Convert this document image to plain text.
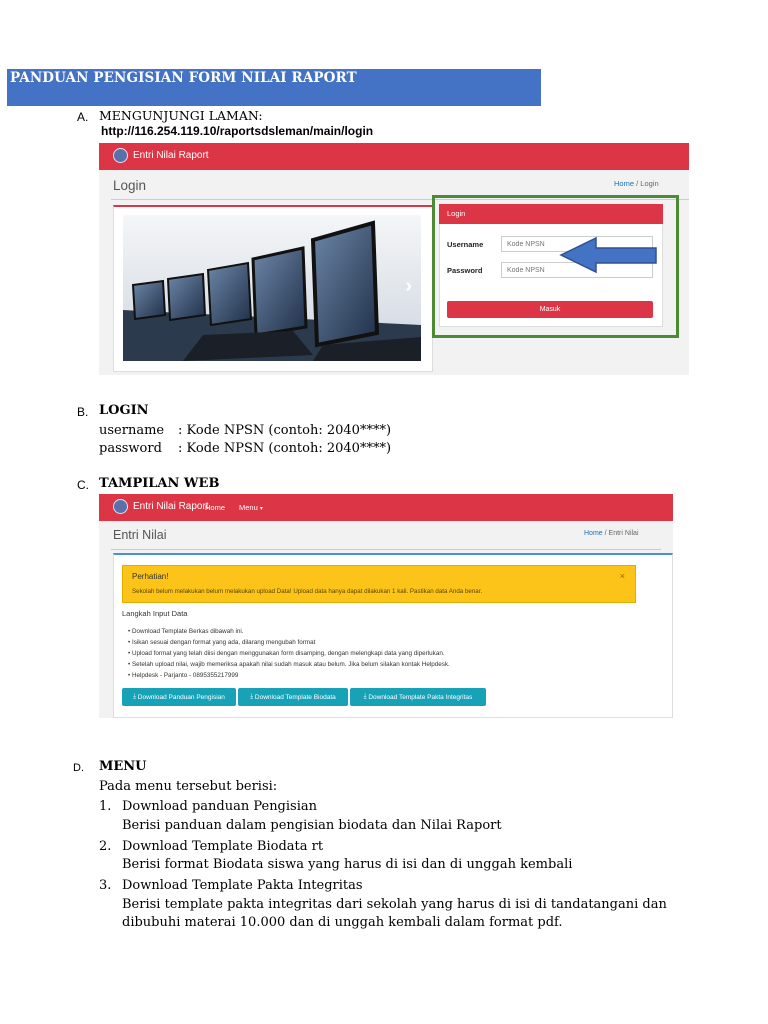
PANDUAN PENGISIAN FORM NILAI RAPORT
A. MENGUNJUNGI LAMAN:
http://116.254.119.10/raportsdsleman/main/login
Entri Nilai Raport
Login	Home / Login
›
Login
Username
Kode NPSN
Password
Kode NPSN
Masuk
B. LOGIN
username : Kode NPSN (contoh: 2040****)
password : Kode NPSN (contoh: 2040****)
C. TAMPILAN WEB
Entri Nilai Raport
Home Menu ▾
Entri Nilai	Home / Entri Nilai
Perhatian!	×
Sekolah belum melakukan belum melakukan upload Data! Upload data hanya dapat dilakukan 1 kali. Pastikan data Anda benar.
Langkah Input Data
• Download Template Berkas dibawah ini.
• Isikan sesuai dengan format yang ada, dilarang mengubah format
• Upload format yang telah diisi dengan menggunakan form disamping, dengan melengkapi data yang diperlukan.
• Setelah upload nilai, wajib memeriksa apakah nilai sudah masuk atau belum. Jika belum silakan kontak Helpdesk.
• Helpdesk - Parjanto - 0895355217999
⤓ Download Panduan Pengisian	⤓ Download Template Biodata	⤓ Download Template Pakta Integritas
D. MENU
Pada menu tersebut berisi:
1. Download panduan Pengisian
Berisi panduan dalam pengisian biodata dan Nilai Raport
2. Download Template Biodata rt
Berisi format Biodata siswa yang harus di isi dan di unggah kembali
3. Download Template Pakta Integritas
Berisi template pakta integritas dari sekolah yang harus di isi di tandatangani dan
dibubuhi materai 10.000 dan di unggah kembali dalam format pdf.
